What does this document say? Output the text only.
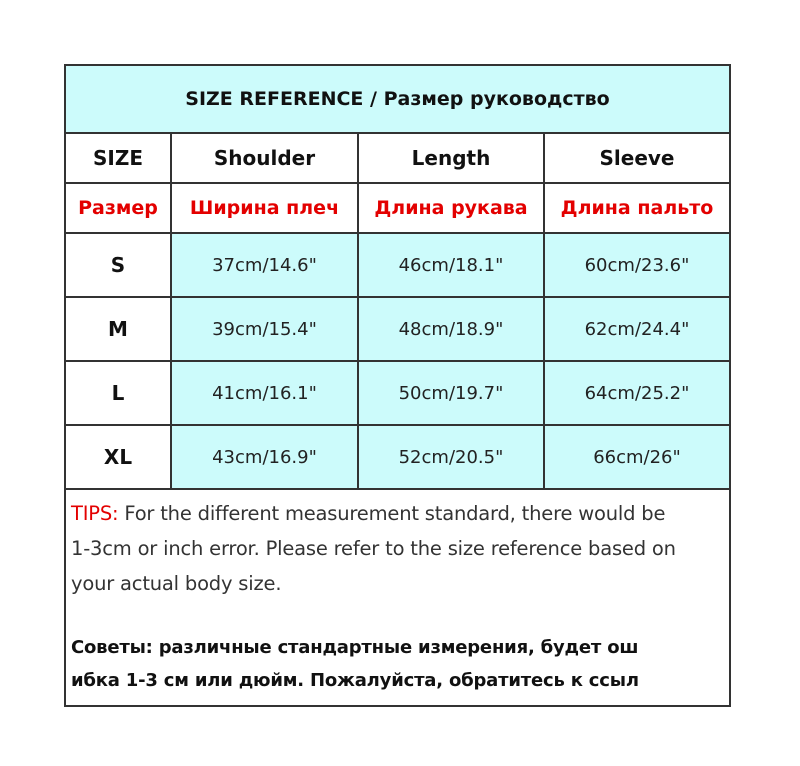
SIZE REFERENCE / Размер руководство
SIZE	Shoulder	Length	Sleeve
Размер	Ширина плеч	Длина рукава	Длина пальто
S	37cm/14.6"	46cm/18.1"	60cm/23.6"
M	39cm/15.4"	48cm/18.9"	62cm/24.4"
L	41cm/16.1"	50cm/19.7"	64cm/25.2"
XL	43cm/16.9"	52cm/20.5"	66cm/26"
TIPS: For the different measurement standard, there would be
1-3cm or inch error. Please refer to the size reference based on
your actual body size.
Советы: различные стандартные измерения, будет ош
ибка 1-3 см или дюйм. Пожалуйста, обратитесь к ссыл
